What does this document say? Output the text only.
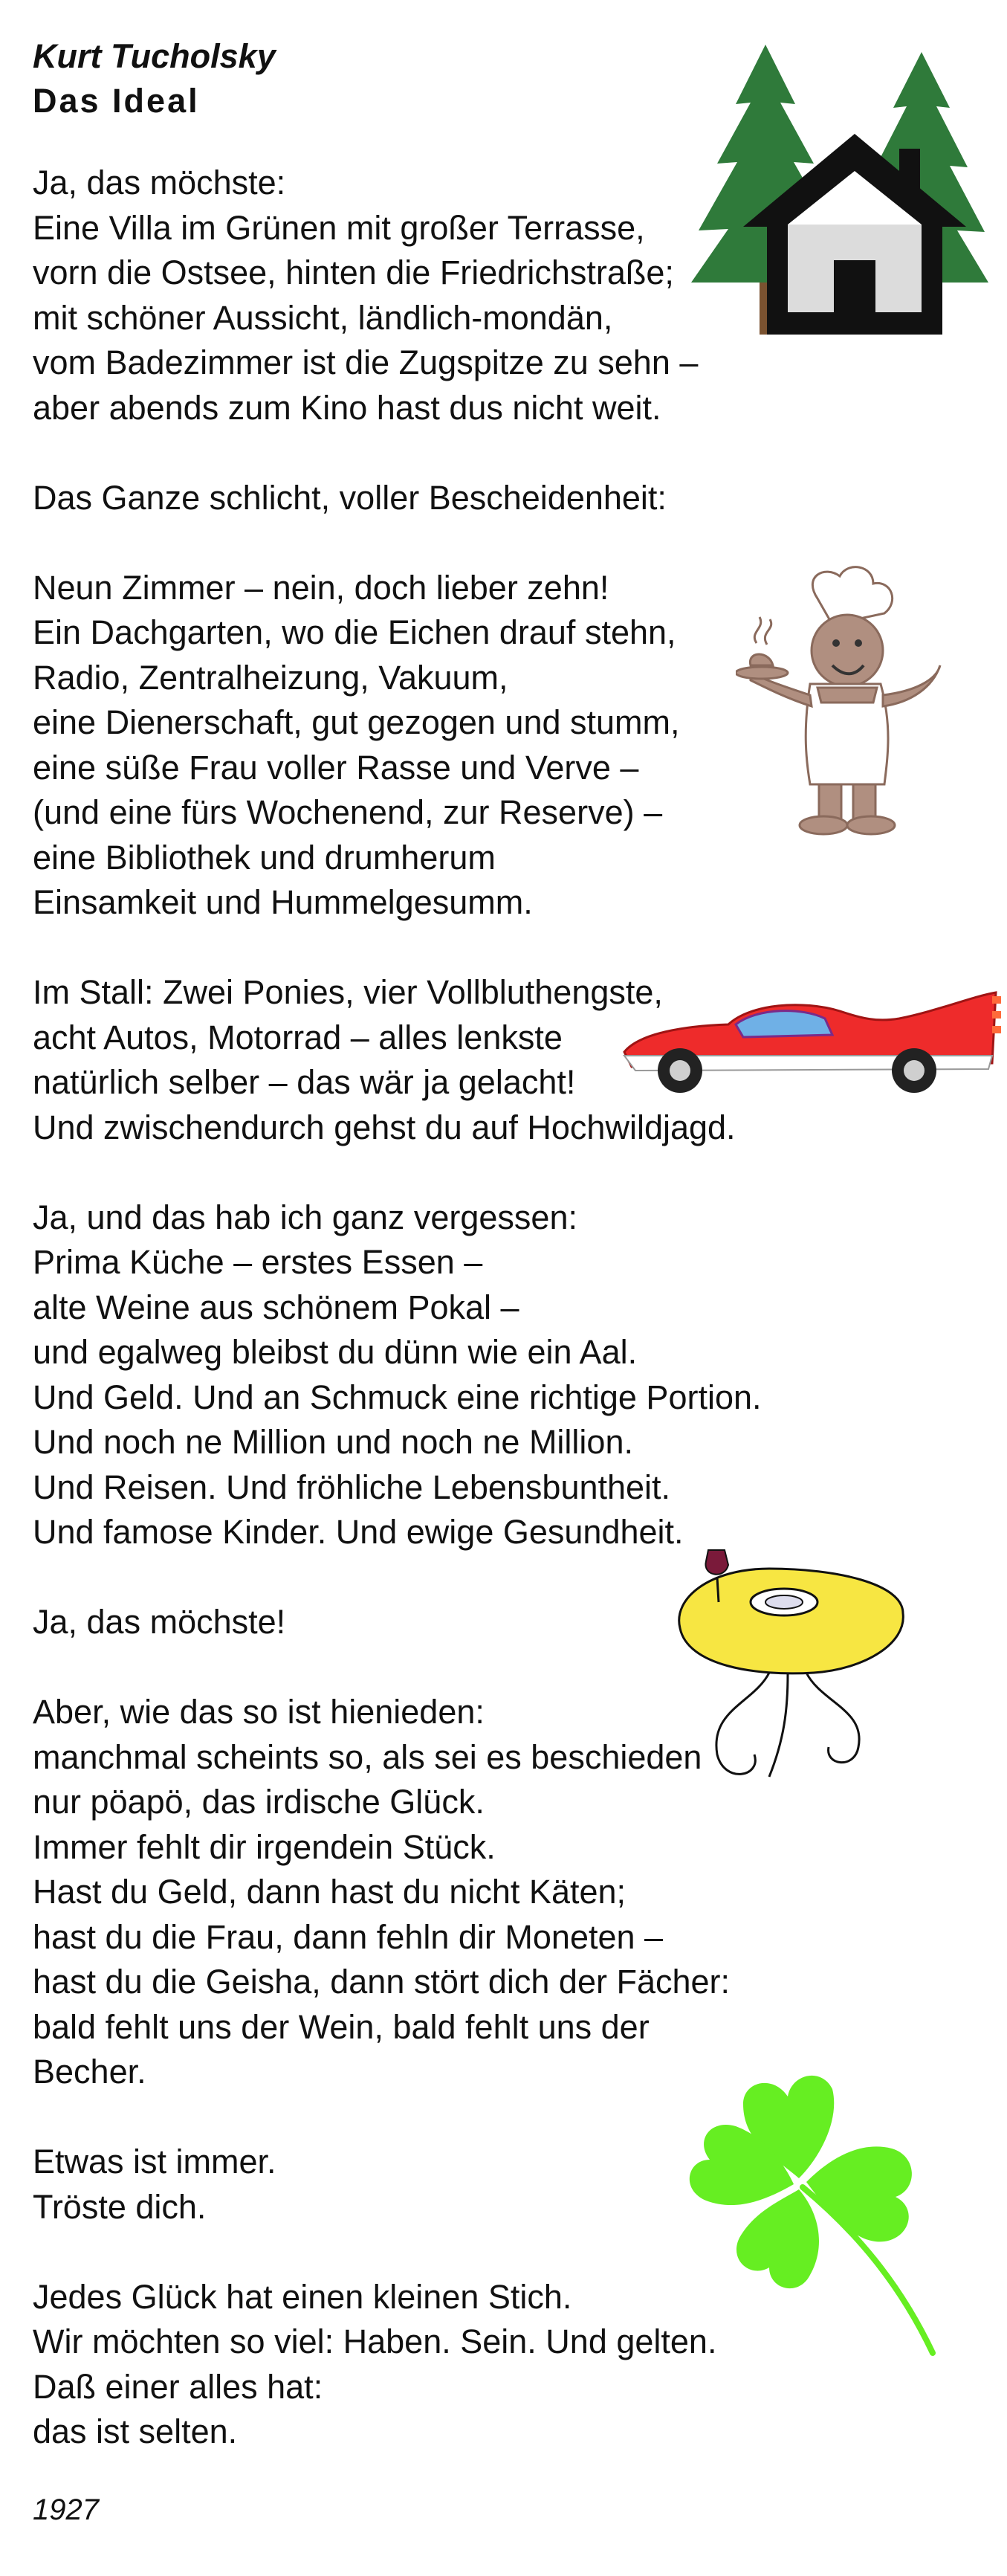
Kurt Tucholsky
Das Ideal

Ja, das möchste:
Eine Villa im Grünen mit großer Terrasse,
vorn die Ostsee, hinten die Friedrichstraße;
mit schöner Aussicht, ländlich-mondän,
vom Badezimmer ist die Zugspitze zu sehn –
aber abends zum Kino hast dus nicht weit.

Das Ganze schlicht, voller Bescheidenheit:

Neun Zimmer – nein, doch lieber zehn!
Ein Dachgarten, wo die Eichen drauf stehn,
Radio, Zentralheizung, Vakuum,
eine Dienerschaft, gut gezogen und stumm,
eine süße Frau voller Rasse und Verve –
(und eine fürs Wochenend, zur Reserve) –
eine Bibliothek und drumherum
Einsamkeit und Hummelgesumm.

Im Stall: Zwei Ponies, vier Vollbluthengste,
acht Autos, Motorrad – alles lenkste
natürlich selber – das wär ja gelacht!
Und zwischendurch gehst du auf Hochwildjagd.

Ja, und das hab ich ganz vergessen:
Prima Küche – erstes Essen –
alte Weine aus schönem Pokal –
und egalweg bleibst du dünn wie ein Aal.
Und Geld. Und an Schmuck eine richtige Portion.
Und noch ne Million und noch ne Million.
Und Reisen. Und fröhliche Lebensbuntheit.
Und famose Kinder. Und ewige Gesundheit.

Ja, das möchste!

Aber, wie das so ist hienieden:
manchmal scheints so, als sei es beschieden
nur pöapö, das irdische Glück.
Immer fehlt dir irgendein Stück.
Hast du Geld, dann hast du nicht Käten;
hast du die Frau, dann fehln dir Moneten –
hast du die Geisha, dann stört dich der Fächer:
bald fehlt uns der Wein, bald fehlt uns der
Becher.

Etwas ist immer.
Tröste dich.

Jedes Glück hat einen kleinen Stich.
Wir möchten so viel: Haben. Sein. Und gelten.
Daß einer alles hat:
das ist selten.

1927
